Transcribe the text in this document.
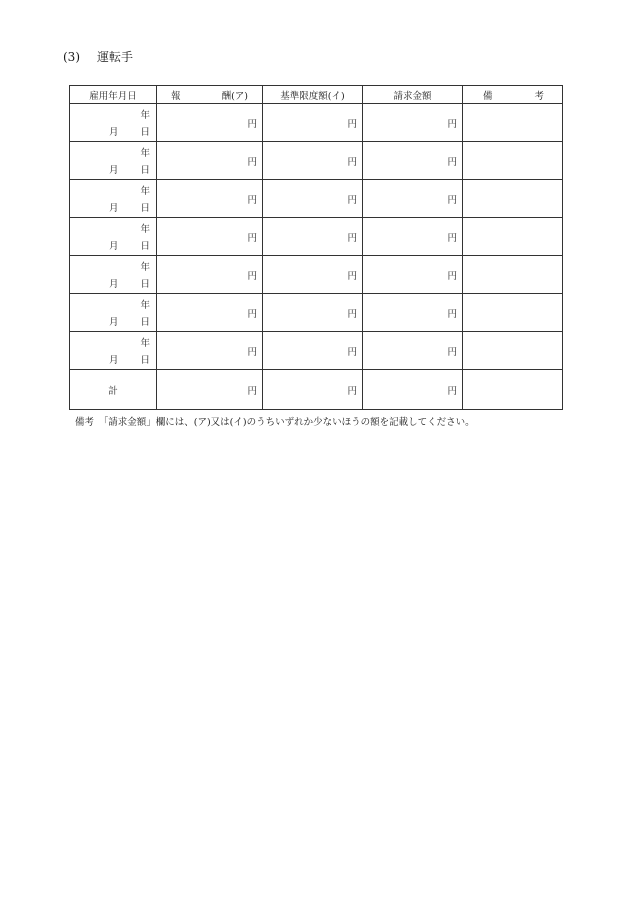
(3) 運転手
雇用年月日	報 酬(ア)	基準限度額(イ)	請求金額	備 考

年
月 日	円	円	円	

年
月 日	円	円	円	

年
月 日	円	円	円	

年
月 日	円	円	円	

年
月 日	円	円	円	

年
月 日	円	円	円	

年
月 日	円	円	円	
計	円	円	円	
備考　「請求金額」欄には、(ア)又は(イ)のうちいずれか少ないほうの額を記載してください。
